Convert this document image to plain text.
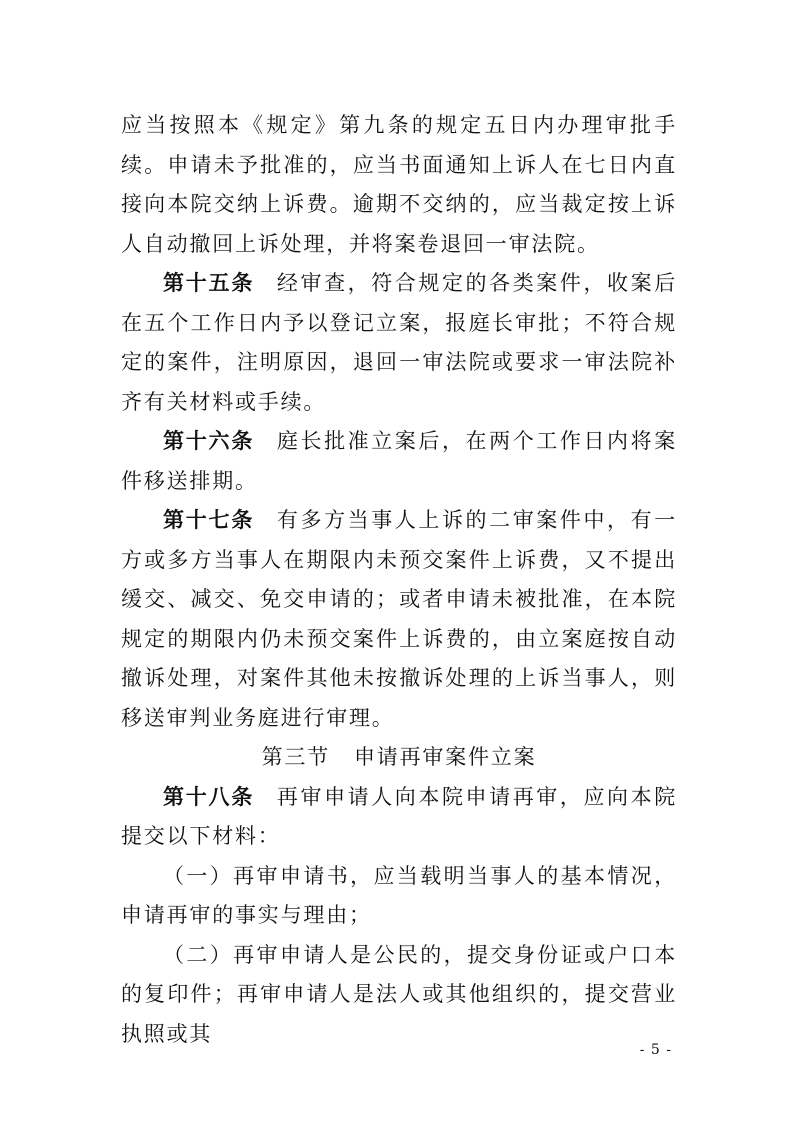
应当按照本《规定》第九条的规定五日内办理审批手续。申请未予批准的，应当书面通知上诉人在七日内直接向本院交纳上诉费。逾期不交纳的，应当裁定按上诉人自动撤回上诉处理，并将案卷退回一审法院。

第十五条 经审查，符合规定的各类案件，收案后在五个工作日内予以登记立案，报庭长审批；不符合规定的案件，注明原因，退回一审法院或要求一审法院补齐有关材料或手续。

第十六条 庭长批准立案后，在两个工作日内将案件移送排期。

第十七条 有多方当事人上诉的二审案件中，有一方或多方当事人在期限内未预交案件上诉费，又不提出缓交、减交、免交申请的；或者申请未被批准，在本院规定的期限内仍未预交案件上诉费的，由立案庭按自动撤诉处理，对案件其他未按撤诉处理的上诉当事人，则移送审判业务庭进行审理。

第三节 申请再审案件立案

第十八条 再审申请人向本院申请再审，应向本院提交以下材料：

（一）再审申请书，应当载明当事人的基本情况，申请再审的事实与理由；

（二）再审申请人是公民的，提交身份证或户口本的复印件；再审申请人是法人或其他组织的，提交营业执照或其

- 5 -
